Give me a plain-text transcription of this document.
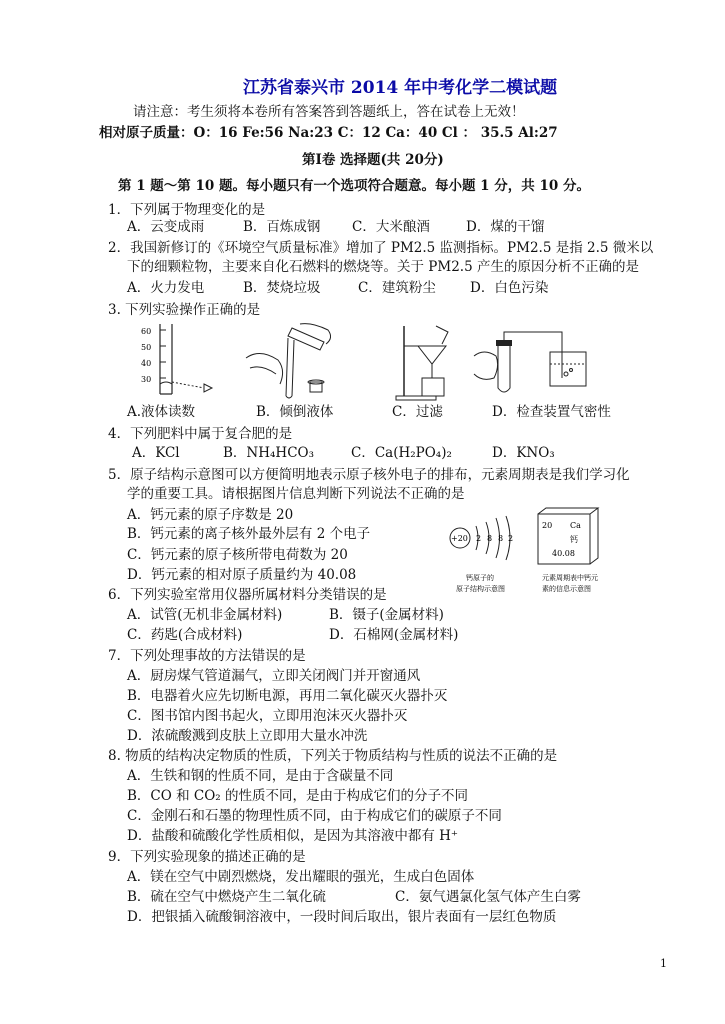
江苏省泰兴市 2014 年中考化学二模试题
请注意：考生须将本卷所有答案答到答题纸上，答在试卷上无效！
相对原子质量：O：16 Fe:56 Na:23 C：12 Ca：40 Cl ： 35.5 Al:27
第Ⅰ卷 选择题(共 20分)
第 1 题～第 10 题。每小题只有一个选项符合题意。每小题 1 分，共 10 分。
1．下列属于物理变化的是
A．云变成雨	B．百炼成钢 C．大米酿酒	D．煤的干馏
2．我国新修订的《环境空气质量标准》增加了 PM2.5 监测指标。PM2.5 是指 2.5 微米以
下的细颗粒物，主要来自化石燃料的燃烧等。关于 PM2.5 产生的原因分析不正确的是
A．火力发电	B．焚烧垃圾	C．建筑粉尘	D．白色污染
3. 下列实验操作正确的是
60
50
40
30
A.液体读数	B．倾倒液体	C．过滤	D．检查装置气密性
4．下列肥料中属于复合肥的是
A．KCl	B．NH₄HCO₃	C．Ca(H₂PO₄)₂	D．KNO₃
5．原子结构示意图可以方便简明地表示原子核外电子的排布，元素周期表是我们学习化
学的重要工具。请根据图片信息判断下列说法不正确的是
A．钙元素的原子序数是 20
B．钙元素的离子核外最外层有 2 个电子
C．钙元素的原子核所带电荷数为 20
D．钙元素的相对原子质量约为 40.08
+20 2 8 8 2
20 Ca
钙
40.08
钙原子的
原子结构示意图
元素周期表中钙元
素的信息示意图
6．下列实验室常用仪器所属材料分类错误的是
A．试管(无机非金属材料)	B．镊子(金属材料)
C．药匙(合成材料)	D．石棉网(金属材料)
7．下列处理事故的方法错误的是
A．厨房煤气管道漏气，立即关闭阀门并开窗通风
B．电器着火应先切断电源，再用二氧化碳灭火器扑灭
C．图书馆内图书起火，立即用泡沫灭火器扑灭
D．浓硫酸溅到皮肤上立即用大量水冲洗
8. 物质的结构决定物质的性质，下列关于物质结构与性质的说法不正确的是
A．生铁和钢的性质不同，是由于含碳量不同
B．CO 和 CO₂ 的性质不同，是由于构成它们的分子不同
C．金刚石和石墨的物理性质不同，由于构成它们的碳原子不同
D．盐酸和硫酸化学性质相似，是因为其溶液中都有 H⁺
9．下列实验现象的描述正确的是
A．镁在空气中剧烈燃烧，发出耀眼的强光，生成白色固体
B．硫在空气中燃烧产生二氧化硫	C．氨气遇氯化氢气体产生白雾
D．把银插入硫酸铜溶液中，一段时间后取出，银片表面有一层红色物质
1
